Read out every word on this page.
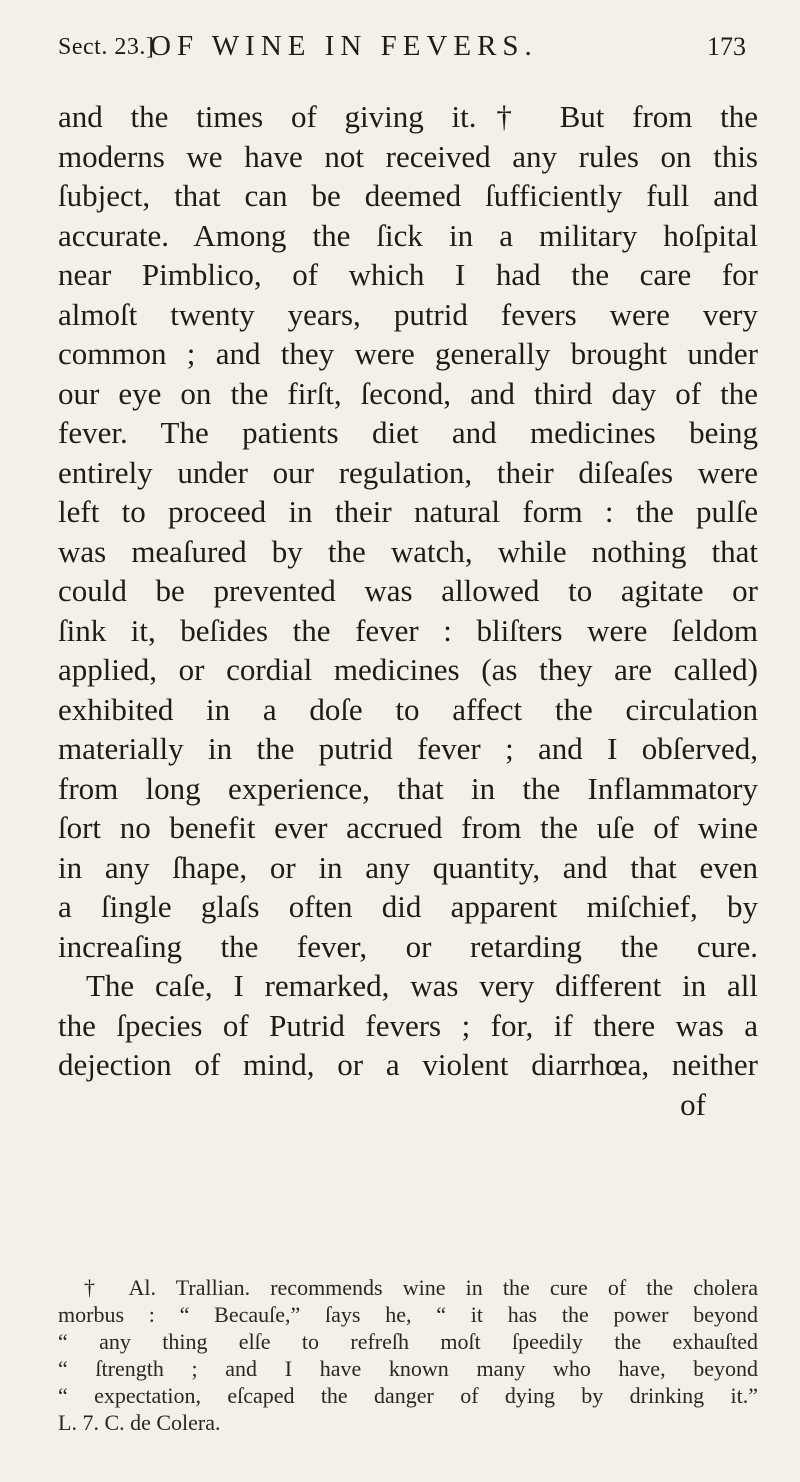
Sect. 23.]
OF WINE IN FEVERS.	173
and the times of giving it.† But from the
moderns we have not received any rules on this
ſubject, that can be deemed ſufficiently full and
accurate. Among the ſick in a military hoſpital
near Pimblico, of which I had the care for
almoſt twenty years, putrid fevers were very
common ; and they were generally brought under
our eye on the firſt, ſecond, and third day of the
fever. The patients diet and medicines being
entirely under our regulation, their diſeaſes were
left to proceed in their natural form : the pulſe
was meaſured by the watch, while nothing that
could be prevented was allowed to agitate or
ſink it, beſides the fever : bliſters were ſeldom
applied, or cordial medicines (as they are called)
exhibited in a doſe to affect the circulation
materially in the putrid fever ; and I obſerved,
from long experience, that in the Inflammatory
ſort no benefit ever accrued from the uſe of wine
in any ſhape, or in any quantity, and that even
a ſingle glaſs often did apparent miſchief, by
increaſing the fever, or retarding the cure.
The caſe, I remarked, was very different in all
the ſpecies of Putrid fevers ; for, if there was a
dejection of mind, or a violent diarrhœa, neither
of
† Al. Trallian. recommends wine in the cure of the cholera
morbus : “ Becauſe,” ſays he, “ it has the power beyond
“ any thing elſe to refreſh moſt ſpeedily the exhauſted
“ ſtrength ; and I have known many who have, beyond
“ expectation, eſcaped the danger of dying by drinking it.”
L. 7. C. de Colera.
